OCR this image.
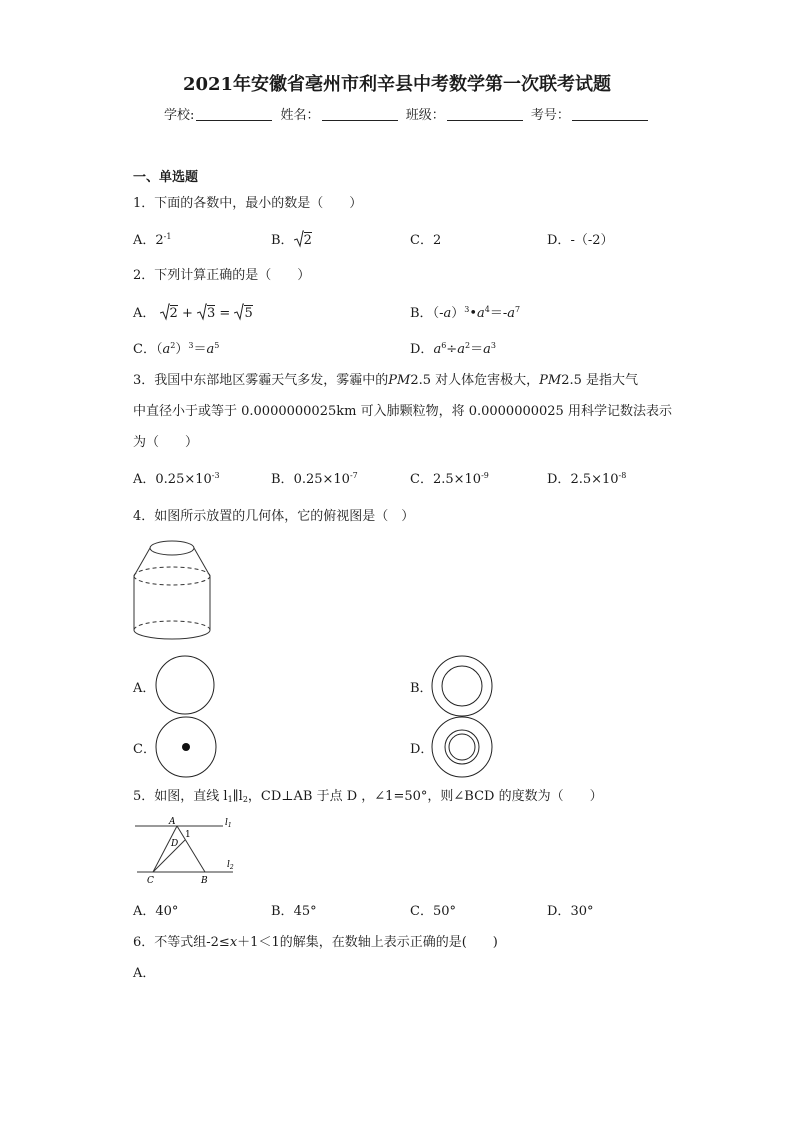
2021年安徽省亳州市利辛县中考数学第一次联考试题
学校:	姓名：	班级：	考号：
一、单选题
1．下面的各数中，最小的数是（　　）
A．$2^{-1}$	B． 2	C．2	D．-（-2）
2．下列计算正确的是（　　）
A． 2 + 3 = 5	B．$(-a)^3•a^4=-a^7$
C．$(a^2)^3=a^5$	D．$a^6\div a^2=a^3$
3．我国中东部地区雾霾天气多发，雾霾中的PM2.5 对人体危害极大，PM2.5 是指大气
中直径小于或等于 0.0000000025km 可入肺颗粒物，将 0.0000000025 用科学记数法表示
为（　　）
A．$0.25\times 10^{-3}$	B．$0.25\times 10^{-7}$	C．$2.5\times 10^{-9}$	D．$2.5\times 10^{-8}$
4．如图所示放置的几何体，它的俯视图是（　）
A．	B．
C．	D．
5．如图，直线 $l_1\parallel l_2$，CD⊥AB 于点 D ，∠1=50°，则∠BCD 的度数为（　　）
A
1
D
C	B
$l_1$
$l_2$
A．40°	B．45°	C．50°	D．30°
6．不等式组-2≤x＋1＜1的解集，在数轴上表示正确的是(　　)
A．
